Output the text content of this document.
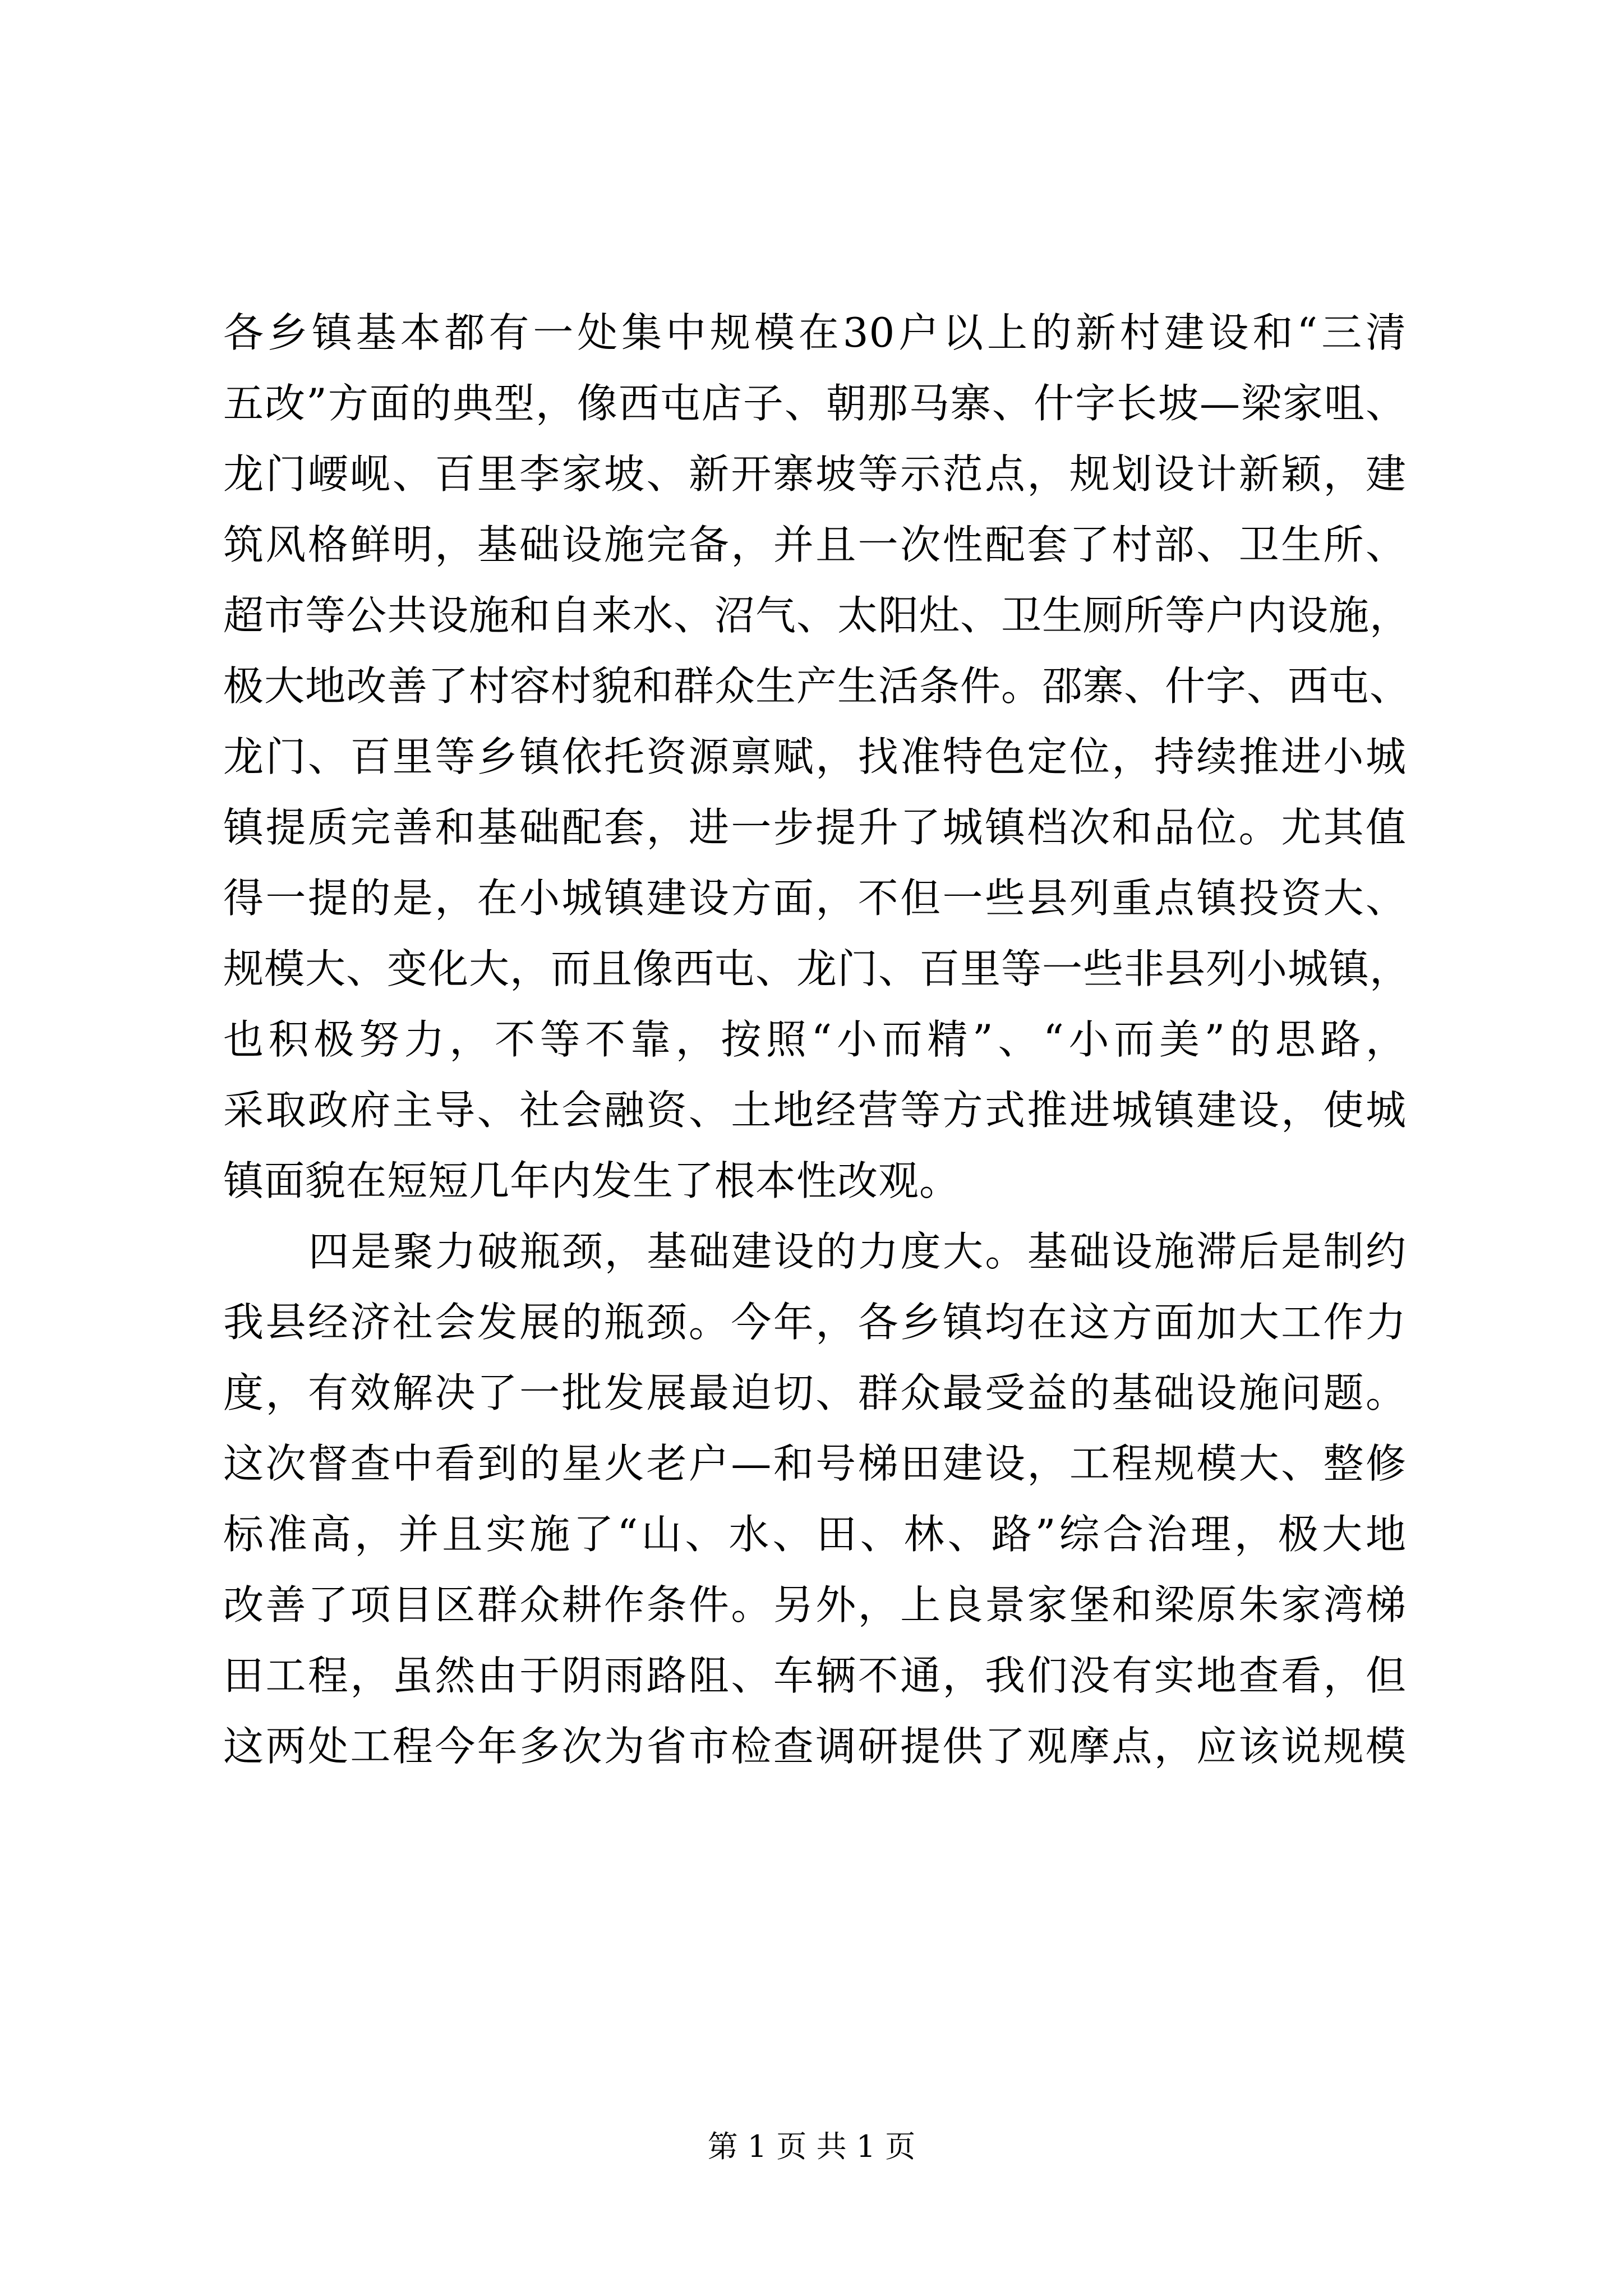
各乡镇基本都有一处集中规模在30户以上的新村建设和“三清
五改”方面的典型，像西屯店子、朝那马寨、什字长坡—梁家咀、
龙门崾岘、百里李家坡、新开寨坡等示范点，规划设计新颖，建
筑风格鲜明，基础设施完备，并且一次性配套了村部、卫生所、
超市等公共设施和自来水、沼气、太阳灶、卫生厕所等户内设施，
极大地改善了村容村貌和群众生产生活条件。邵寨、什字、西屯、
龙门、百里等乡镇依托资源禀赋，找准特色定位，持续推进小城
镇提质完善和基础配套，进一步提升了城镇档次和品位。尤其值
得一提的是，在小城镇建设方面，不但一些县列重点镇投资大、
规模大、变化大，而且像西屯、龙门、百里等一些非县列小城镇，
也积极努力，不等不靠，按照“小而精”、“小而美”的思路，
采取政府主导、社会融资、土地经营等方式推进城镇建设，使城
镇面貌在短短几年内发生了根本性改观。
四是聚力破瓶颈，基础建设的力度大。基础设施滞后是制约
我县经济社会发展的瓶颈。今年，各乡镇均在这方面加大工作力
度，有效解决了一批发展最迫切、群众最受益的基础设施问题。
这次督查中看到的星火老户—和号梯田建设，工程规模大、整修
标准高，并且实施了“山、水、田、林、路”综合治理，极大地
改善了项目区群众耕作条件。另外，上良景家堡和梁原朱家湾梯
田工程，虽然由于阴雨路阻、车辆不通，我们没有实地查看，但
这两处工程今年多次为省市检查调研提供了观摩点，应该说规模
第 1 页 共 1 页
